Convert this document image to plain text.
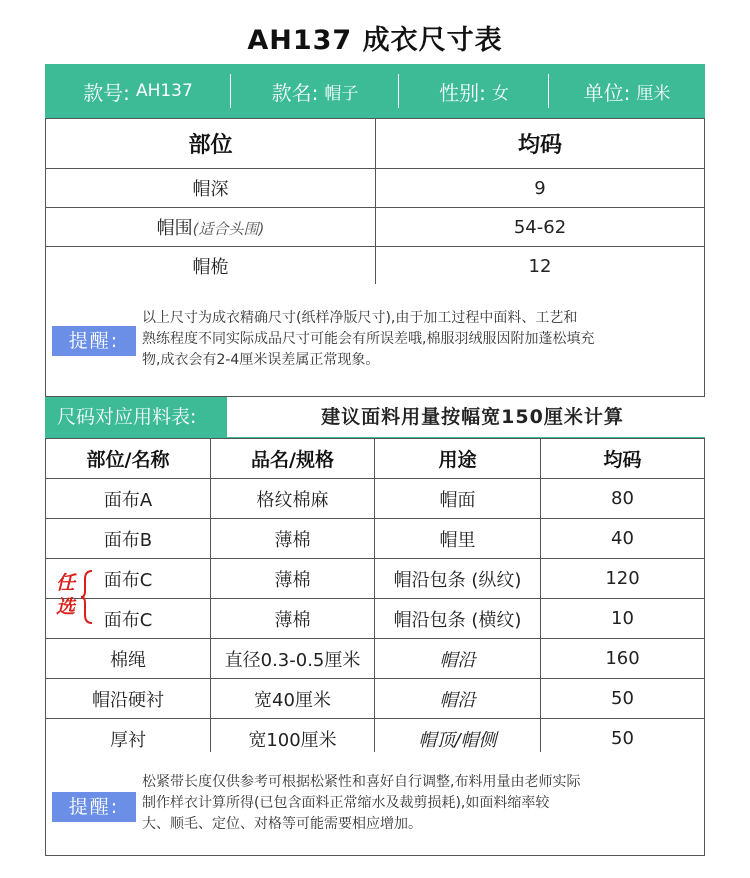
AH137 成衣尺寸表
款号: AH137	款名: 帽子	性别: 女	单位: 厘米
部位	均码
帽深	9
帽围(适合头围)	54-62
帽桅	12
提醒:
以上尺寸为成衣精确尺寸(纸样净版尺寸),由于加工过程中面料、工艺和
熟练程度不同实际成品尺寸可能会有所误差哦,棉服羽绒服因附加蓬松填充
物,成衣会有2-4厘米误差属正常现象。
尺码对应用料表:	建议面料用量按幅宽150厘米计算
部位/名称	品名/规格	用途	均码
面布A	格纹棉麻	帽面	80
面布B	薄棉	帽里	40
面布C	薄棉	帽沿包条 (纵纹)	120
面布C	薄棉	帽沿包条 (横纹)	10
棉绳	直径0.3-0.5厘米	帽沿	160
帽沿硬衬	宽40厘米	帽沿	50
厚衬	宽100厘米	帽顶/帽侧	50
任
选
提醒:
松紧带长度仅供参考可根据松紧性和喜好自行调整,布料用量由老师实际
制作样衣计算所得(已包含面料正常缩水及裁剪损耗),如面料缩率较
大、顺毛、定位、对格等可能需要相应增加。
